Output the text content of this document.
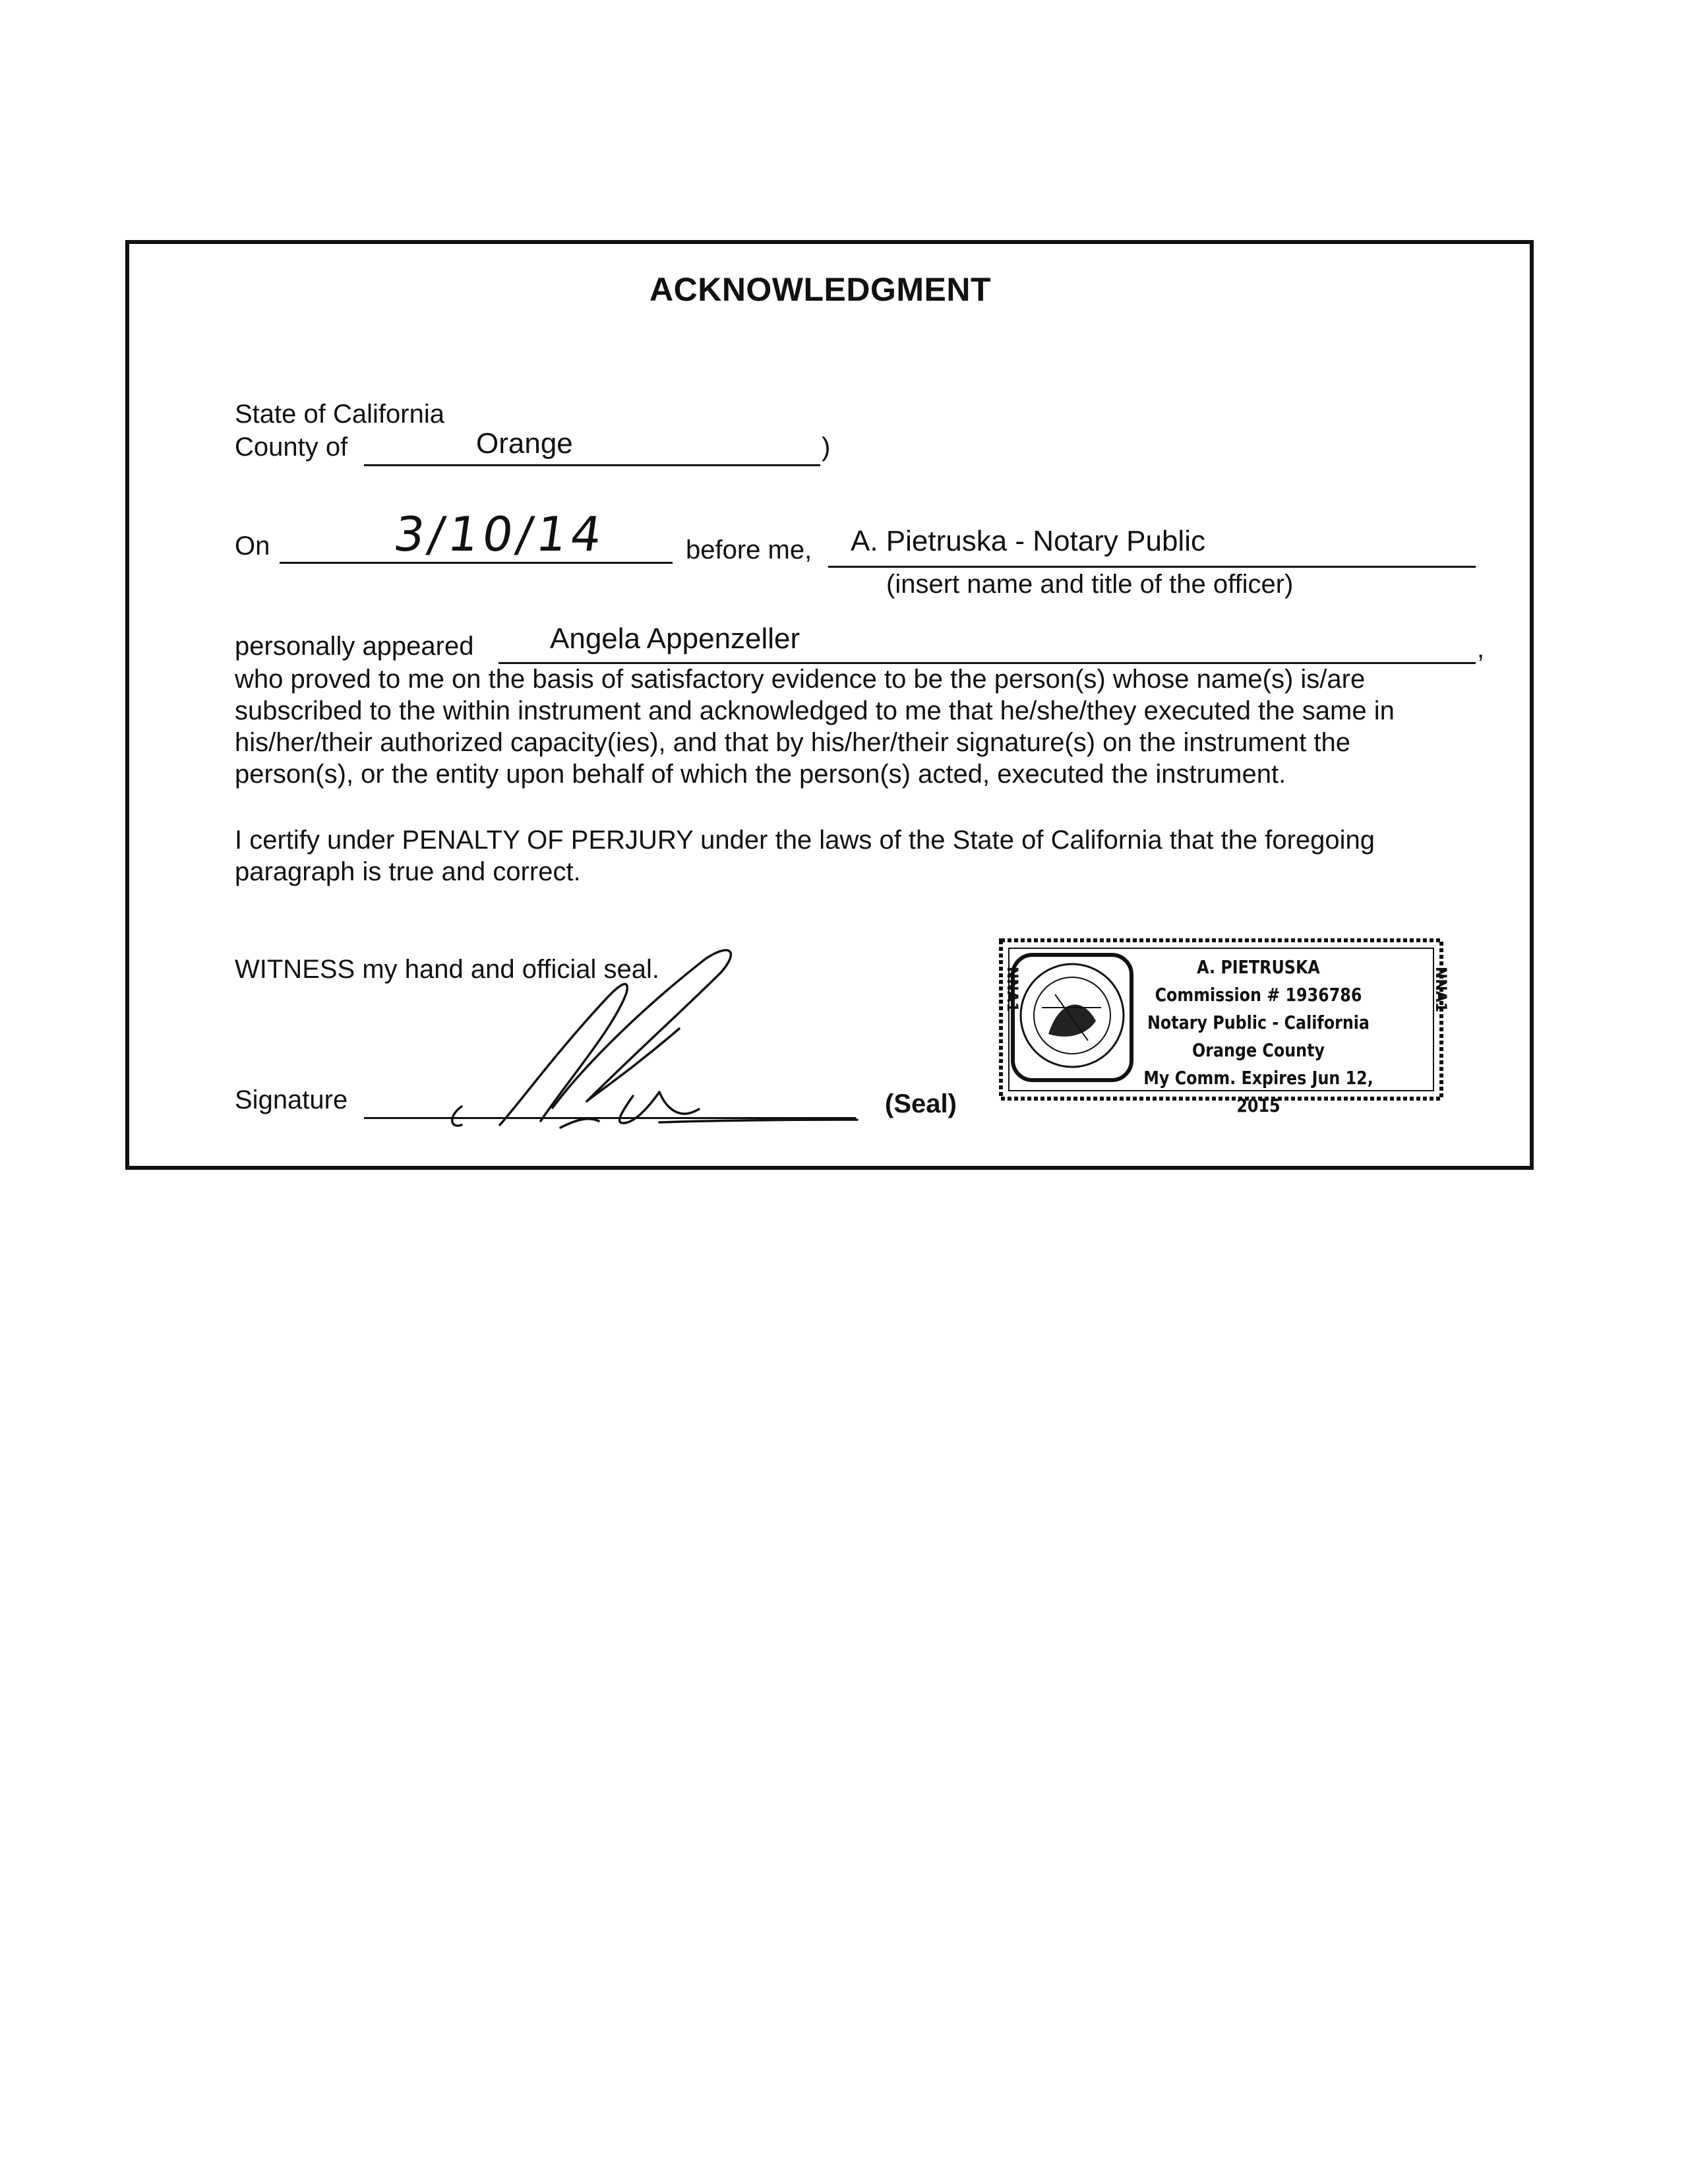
ACKNOWLEDGMENT
State of California
County of	Orange	)
On	3/10/14	before me, A. Pietruska - Notary Public
(insert name and title of the officer)
personally appeared	Angela Appenzeller	,
who proved to me on the basis of satisfactory evidence to be the person(s) whose name(s) is/are
subscribed to the within instrument and acknowledged to me that he/she/they executed the same in
his/her/their authorized capacity(ies), and that by his/her/their signature(s) on the instrument the
person(s), or the entity upon behalf of which the person(s) acted, executed the instrument.
I certify under PENALTY OF PERJURY under the laws of the State of California that the foregoing
paragraph is true and correct.
WITNESS my hand and official seal.
Signature	(Seal)
NNA1	NNA1
A. PIETRUSKA
Commission # 1936786
Notary Public - California
Orange County
My Comm. Expires Jun 12, 2015
